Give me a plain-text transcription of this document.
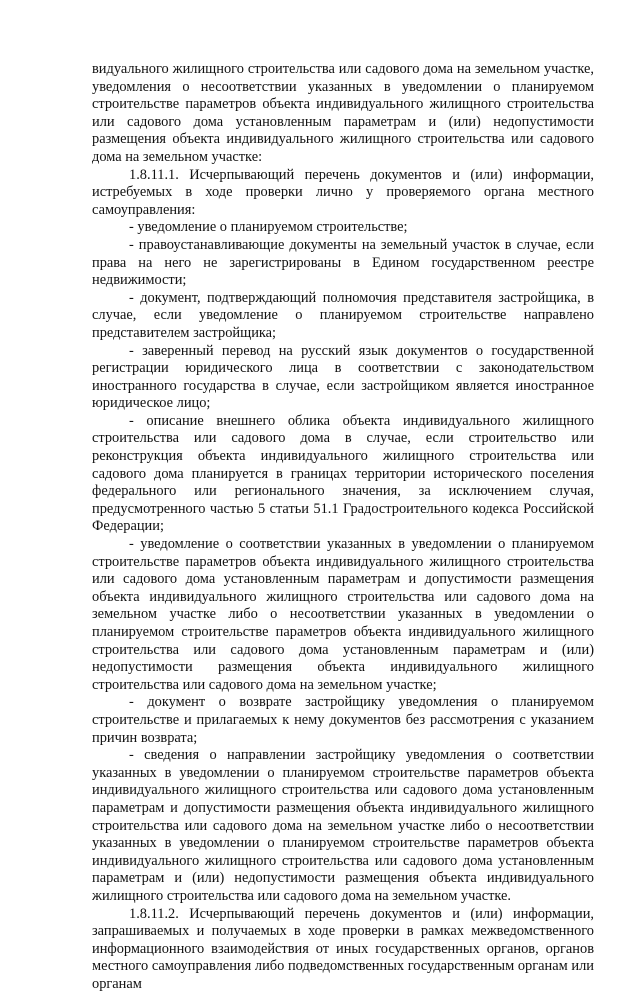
видуального жилищного строительства или садового дома на земельном участке, уведомления о несоответствии указанных в уведомлении о планируемом строительстве параметров объекта индивидуального жилищного строительства или садового дома установленным параметрам и (или) недопустимости размещения объекта индивидуального жилищного строительства или садового дома на земельном участке:

1.8.11.1. Исчерпывающий перечень документов и (или) информации, истребуемых в ходе проверки лично у проверяемого органа местного самоуправления:

- уведомление о планируемом строительстве;

- правоустанавливающие документы на земельный участок в случае, если права на него не зарегистрированы в Едином государственном реестре недвижимости;

- документ, подтверждающий полномочия представителя застройщика, в случае, если уведомление о планируемом строительстве направлено представителем застройщика;

- заверенный перевод на русский язык документов о государственной регистрации юридического лица в соответствии с законодательством иностранного государства в случае, если застройщиком является иностранное юридическое лицо;

- описание внешнего облика объекта индивидуального жилищного строительства или садового дома в случае, если строительство или реконструкция объекта индивидуального жилищного строительства или садового дома планируется в границах территории исторического поселения федерального или регионального значения, за исключением случая, предусмотренного частью 5 статьи 51.1 Градостроительного кодекса Российской Федерации;

- уведомление о соответствии указанных в уведомлении о планируемом строительстве параметров объекта индивидуального жилищного строительства или садового дома установленным параметрам и допустимости размещения объекта индивидуального жилищного строительства или садового дома на земельном участке либо о несоответствии указанных в уведомлении о планируемом строительстве параметров объекта индивидуального жилищного строительства или садового дома установленным параметрам и (или) недопустимости размещения объекта индивидуального жилищного строительства или садового дома на земельном участке;

- документ о возврате застройщику уведомления о планируемом строительстве и прилагаемых к нему документов без рассмотрения с указанием причин возврата;

- сведения о направлении застройщику уведомления о соответствии указанных в уведомлении о планируемом строительстве параметров объекта индивидуального жилищного строительства или садового дома установленным параметрам и допустимости размещения объекта индивидуального жилищного строительства или садового дома на земельном участке либо о несоответствии указанных в уведомлении о планируемом строительстве параметров объекта индивидуального жилищного строительства или садового дома установленным параметрам и (или) недопустимости размещения объекта индивидуального жилищного строительства или садового дома на земельном участке.

1.8.11.2. Исчерпывающий перечень документов и (или) информации, запрашиваемых и получаемых в ходе проверки в рамках межведомственного информационного взаимодействия от иных государственных органов, органов местного самоуправления либо подведомственных государственным органам или органам
